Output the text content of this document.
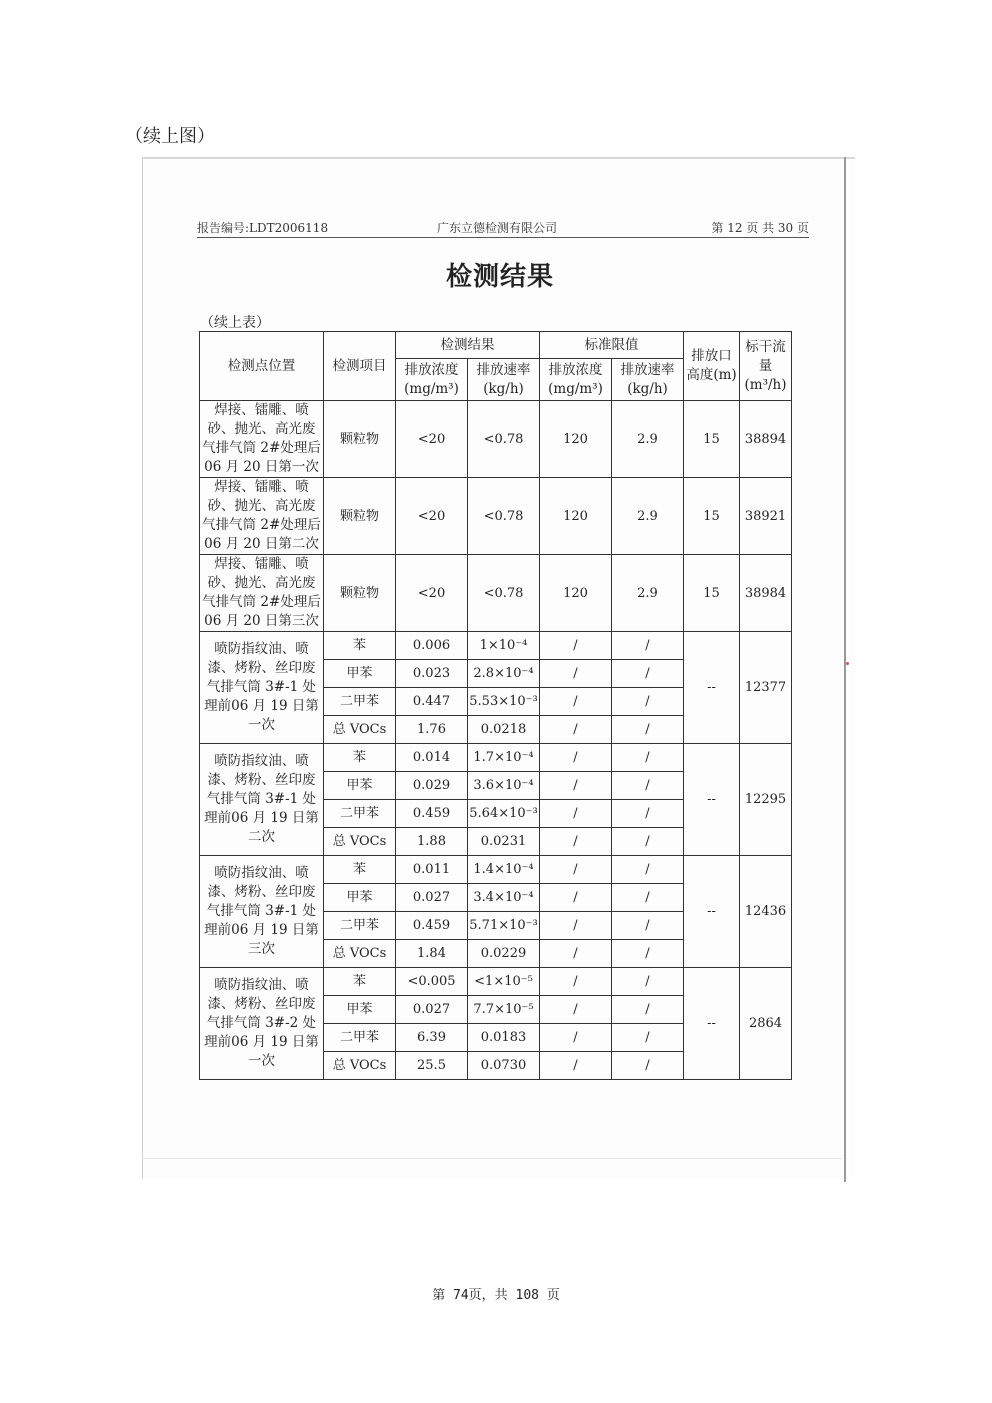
（续上图）
报告编号:LDT2006118	广东立德检测有限公司	第 12 页 共 30 页
检测结果
（续上表）
检测点位置	检测项目	检测结果		标准限值		排放口高度(m)	标干流量(m³/h)
		排放浓度(mg/m³)	排放速率(kg/h)	排放浓度(mg/m³)	排放速率(kg/h)		
焊接、镭雕、喷砂、抛光、高光废气排气筒 2#处理后06 月 20 日第一次	颗粒物	<20	<0.78	120	2.9	15	38894
焊接、镭雕、喷砂、抛光、高光废气排气筒 2#处理后06 月 20 日第二次	颗粒物	<20	<0.78	120	2.9	15	38921
焊接、镭雕、喷砂、抛光、高光废气排气筒 2#处理后06 月 20 日第三次	颗粒物	<20	<0.78	120	2.9	15	38984
喷防指纹油、喷漆、烤粉、丝印废气排气筒 3#-1 处理前06 月 19 日第一次	苯	0.006	1×10⁻⁴	/	/	--	12377
	甲苯	0.023	2.8×10⁻⁴	/	/		
	二甲苯	0.447	5.53×10⁻³	/	/		
	总 VOCs	1.76	0.0218	/	/		
喷防指纹油、喷漆、烤粉、丝印废气排气筒 3#-1 处理前06 月 19 日第二次	苯	0.014	1.7×10⁻⁴	/	/	--	12295
	甲苯	0.029	3.6×10⁻⁴	/	/		
	二甲苯	0.459	5.64×10⁻³	/	/		
	总 VOCs	1.88	0.0231	/	/		
喷防指纹油、喷漆、烤粉、丝印废气排气筒 3#-1 处理前06 月 19 日第三次	苯	0.011	1.4×10⁻⁴	/	/	--	12436
	甲苯	0.027	3.4×10⁻⁴	/	/		
	二甲苯	0.459	5.71×10⁻³	/	/		
	总 VOCs	1.84	0.0229	/	/		
喷防指纹油、喷漆、烤粉、丝印废气排气筒 3#-2 处理前06 月 19 日第一次	苯	<0.005	<1×10⁻⁵	/	/	--	2864
	甲苯	0.027	7.7×10⁻⁵	/	/		
	二甲苯	6.39	0.0183	/	/		
	总 VOCs	25.5	0.0730	/	/		
第 74页，共 108 页
